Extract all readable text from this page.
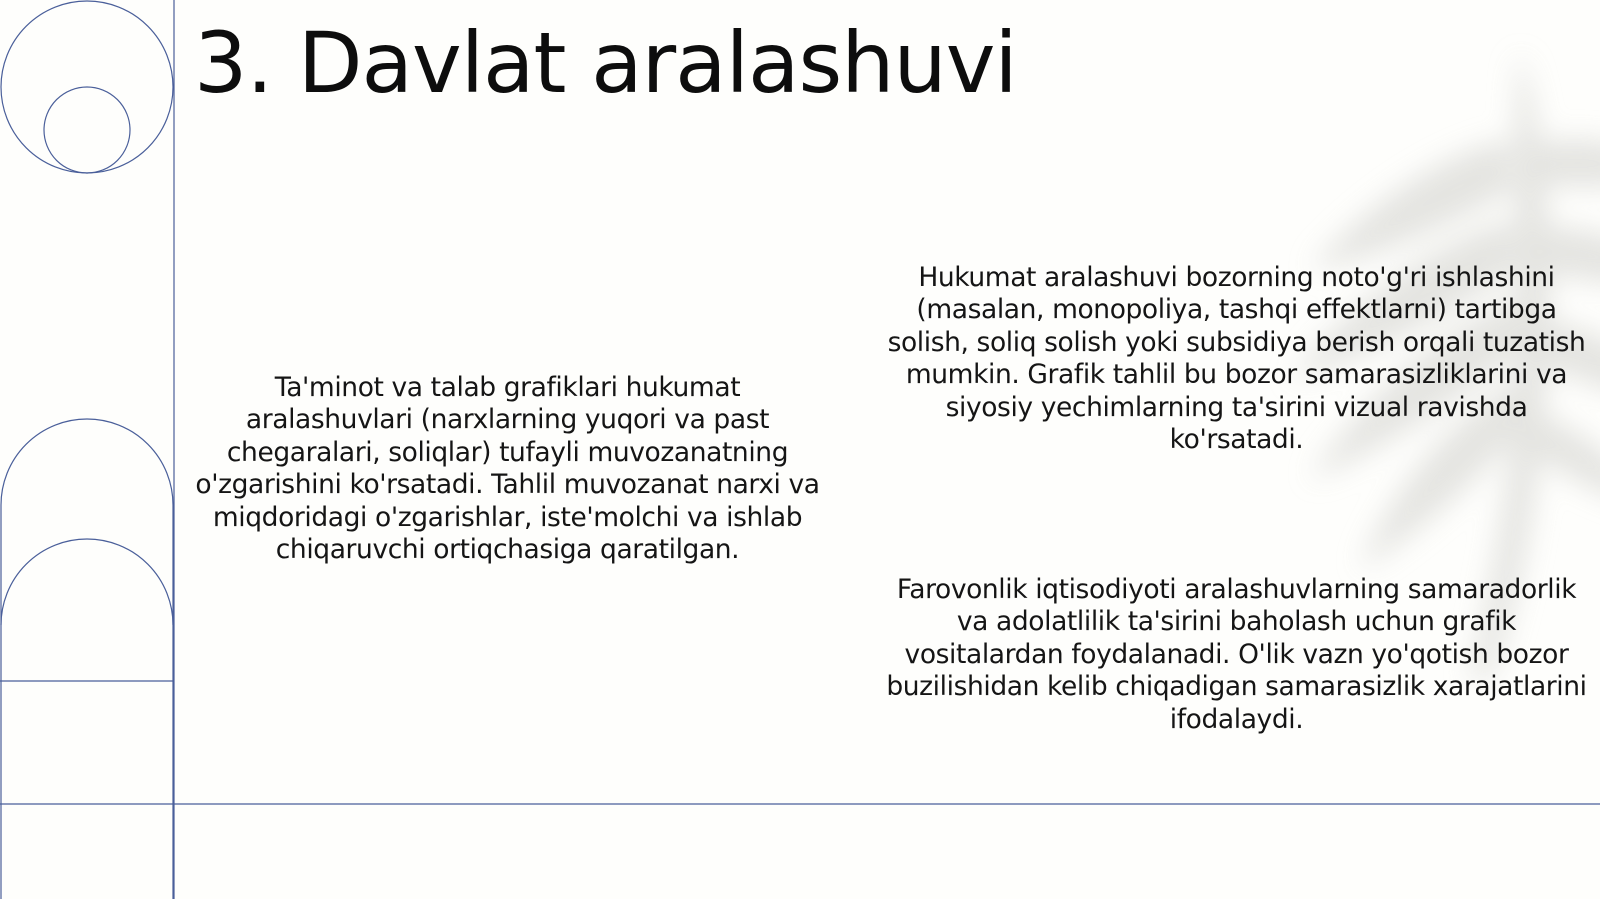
3. Davlat aralashuvi

Ta'minot va talab grafiklari hukumat aralashuvlari (narxlarning yuqori va past chegaralari, soliqlar) tufayli muvozanatning o'zgarishini ko'rsatadi. Tahlil muvozanat narxi va miqdoridagi o'zgarishlar, iste'molchi va ishlab chiqaruvchi ortiqchasiga qaratilgan.

Hukumat aralashuvi bozorning noto'g'ri ishlashini (masalan, monopoliya, tashqi effektlarni) tartibga solish, soliq solish yoki subsidiya berish orqali tuzatish mumkin. Grafik tahlil bu bozor samarasizliklarini va siyosiy yechimlarning ta'sirini vizual ravishda ko'rsatadi.

Farovonlik iqtisodiyoti aralashuvlarning samaradorlik va adolatlilik ta'sirini baholash uchun grafik vositalardan foydalanadi. O'lik vazn yo'qotish bozor buzilishidan kelib chiqadigan samarasizlik xarajatlarini ifodalaydi.
